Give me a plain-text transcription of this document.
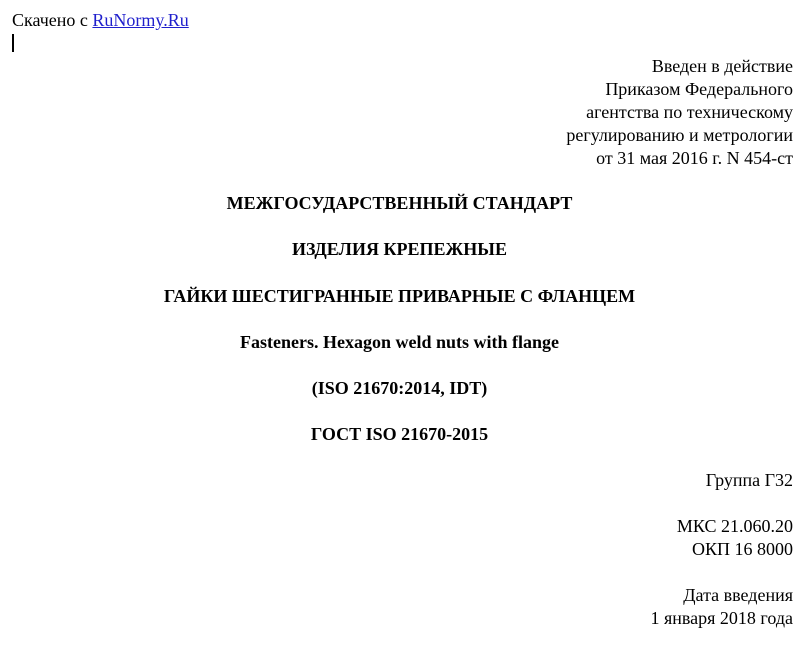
Скачено с RuNormy.Ru
Введен в действие
Приказом Федерального
агентства по техническому
регулированию и метрологии
от 31 мая 2016 г. N 454-ст
МЕЖГОСУДАРСТВЕННЫЙ СТАНДАРТ
ИЗДЕЛИЯ КРЕПЕЖНЫЕ
ГАЙКИ ШЕСТИГРАННЫЕ ПРИВАРНЫЕ С ФЛАНЦЕМ
Fasteners. Hexagon weld nuts with flange
(ISO 21670:2014, IDT)
ГОСТ ISO 21670-2015
Группа Г32
МКС 21.060.20
ОКП 16 8000
Дата введения
1 января 2018 года
